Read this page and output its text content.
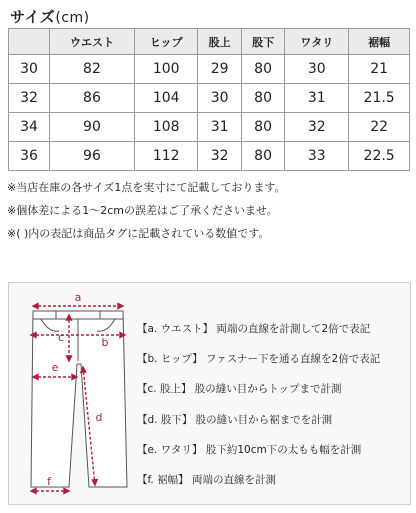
サイズ(cm)
	ウエスト	ヒップ	股上	股下	ワタリ	裾幅
30	82	100	29	80	30	21
32	86	104	30	80	31	21.5
34	90	108	31	80	32	22
36	96	112	32	80	33	22.5
※当店在庫の各サイズ1点を実寸にて記載しております。
※個体差による1〜2cmの誤差はご了承くださいませ。
※( )内の表記は商品タグに記載されている数値です。
a
b
c
d
e
f
【a. ウエスト】 両端の直線を計測して2倍で表記
【b. ヒップ】 ファスナー下を通る直線を2倍で表記
【c. 股上】 股の縫い目からトップまで計測
【d. 股下】 股の縫い目から裾までを計測
【e. ワタリ】 股下約10cm下の太もも幅を計測
【f. 裾幅】 両端の直線を計測
